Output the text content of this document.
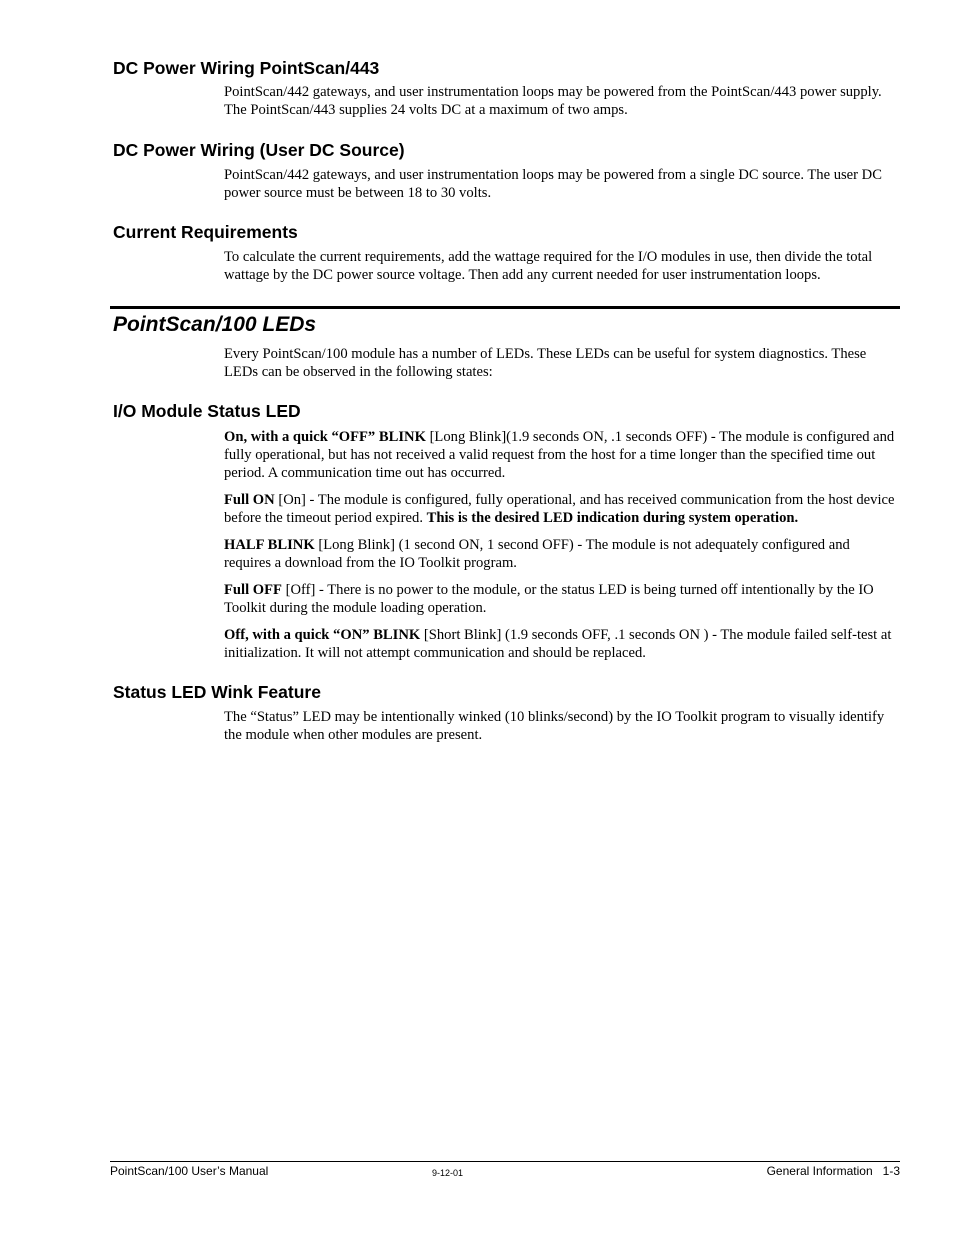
DC Power Wiring PointScan/443

PointScan/442 gateways, and user instrumentation loops may be powered from the PointScan/443 power supply. The PointScan/443 supplies 24 volts DC at a maximum of two amps.

DC Power Wiring (User DC Source)

PointScan/442 gateways, and user instrumentation loops may be powered from a single DC source. The user DC power source must be between 18 to 30 volts.

Current Requirements

To calculate the current requirements, add the wattage required for the I/O modules in use, then divide the total wattage by the DC power source voltage. Then add any current needed for user instrumentation loops.

PointScan/100 LEDs

Every PointScan/100 module has a number of LEDs. These LEDs can be useful for system diagnostics. These LEDs can be observed in the following states:

I/O Module Status LED

On, with a quick “OFF” BLINK [Long Blink](1.9 seconds ON, .1 seconds OFF) - The module is configured and fully operational, but has not received a valid request from the host for a time longer than the specified time out period. A communication time out has occurred.

Full ON [On] - The module is configured, fully operational, and has received communication from the host device before the timeout period expired. This is the desired LED indication during system operation.

HALF BLINK [Long Blink] (1 second ON, 1 second OFF) - The module is not adequately configured and requires a download from the IO Toolkit program.

Full OFF [Off] - There is no power to the module, or the status LED is being turned off intentionally by the IO Toolkit during the module loading operation.

Off, with a quick “ON” BLINK [Short Blink] (1.9 seconds OFF, .1 seconds ON ) - The module failed self-test at initialization. It will not attempt communication and should be replaced.

Status LED Wink Feature

The “Status” LED may be intentionally winked (10 blinks/second) by the IO Toolkit program to visually identify the module when other modules are present.

PointScan/100 User’s Manual	9-12-01	General Information   1-3
